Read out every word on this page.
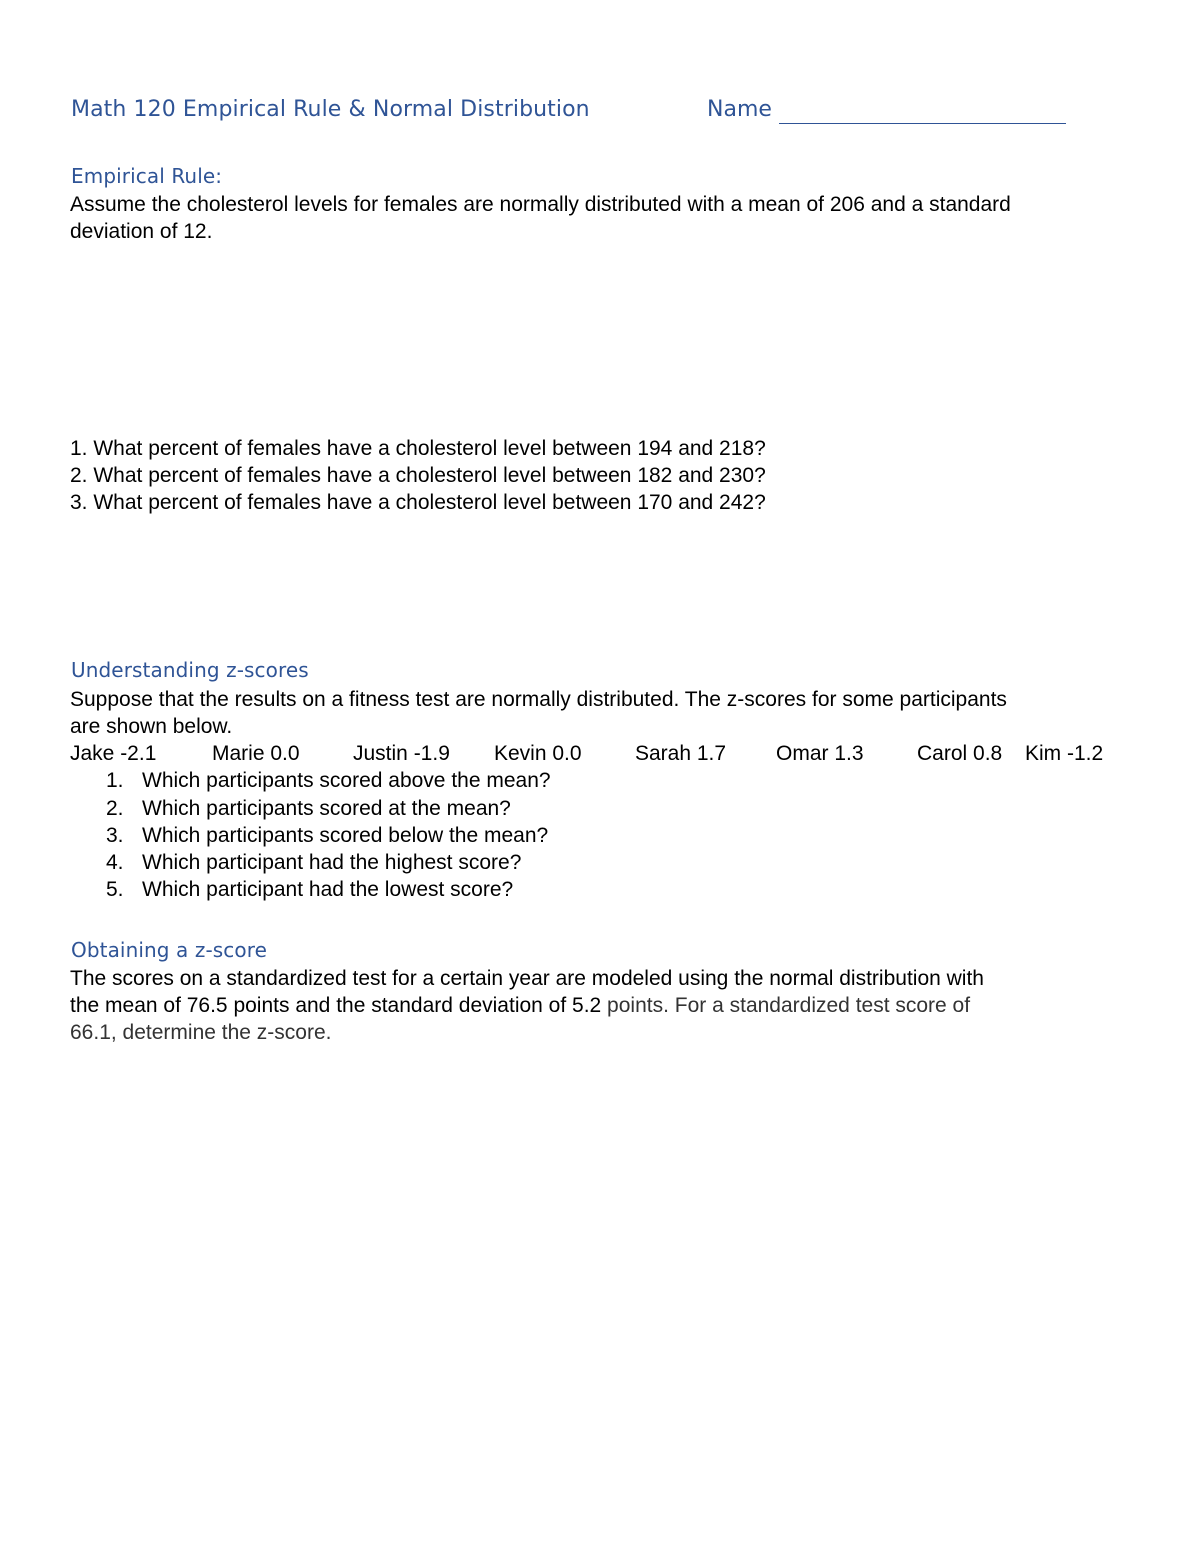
Math 120 Empirical Rule & Normal Distribution	Name
Empirical Rule:
Assume the cholesterol levels for females are normally distributed with a mean of 206 and a standard
deviation of 12.
1. What percent of females have a cholesterol level between 194 and 218?
2. What percent of females have a cholesterol level between 182 and 230?
3. What percent of females have a cholesterol level between 170 and 242?
Understanding z-scores
Suppose that the results on a fitness test are normally distributed. The z-scores for some participants
are shown below.
Jake -2.1	Marie 0.0	Justin -1.9 Kevin 0.0	Sarah 1.7 Omar 1.3	Carol 0.8 Kim -1.2
1. Which participants scored above the mean?
2. Which participants scored at the mean?
3. Which participants scored below the mean?
4. Which participant had the highest score?
5. Which participant had the lowest score?
Obtaining a z-score
The scores on a standardized test for a certain year are modeled using the normal distribution with
the mean of 76.5 points and the standard deviation of 5.2 points. For a standardized test score of
66.1, determine the z-score.
